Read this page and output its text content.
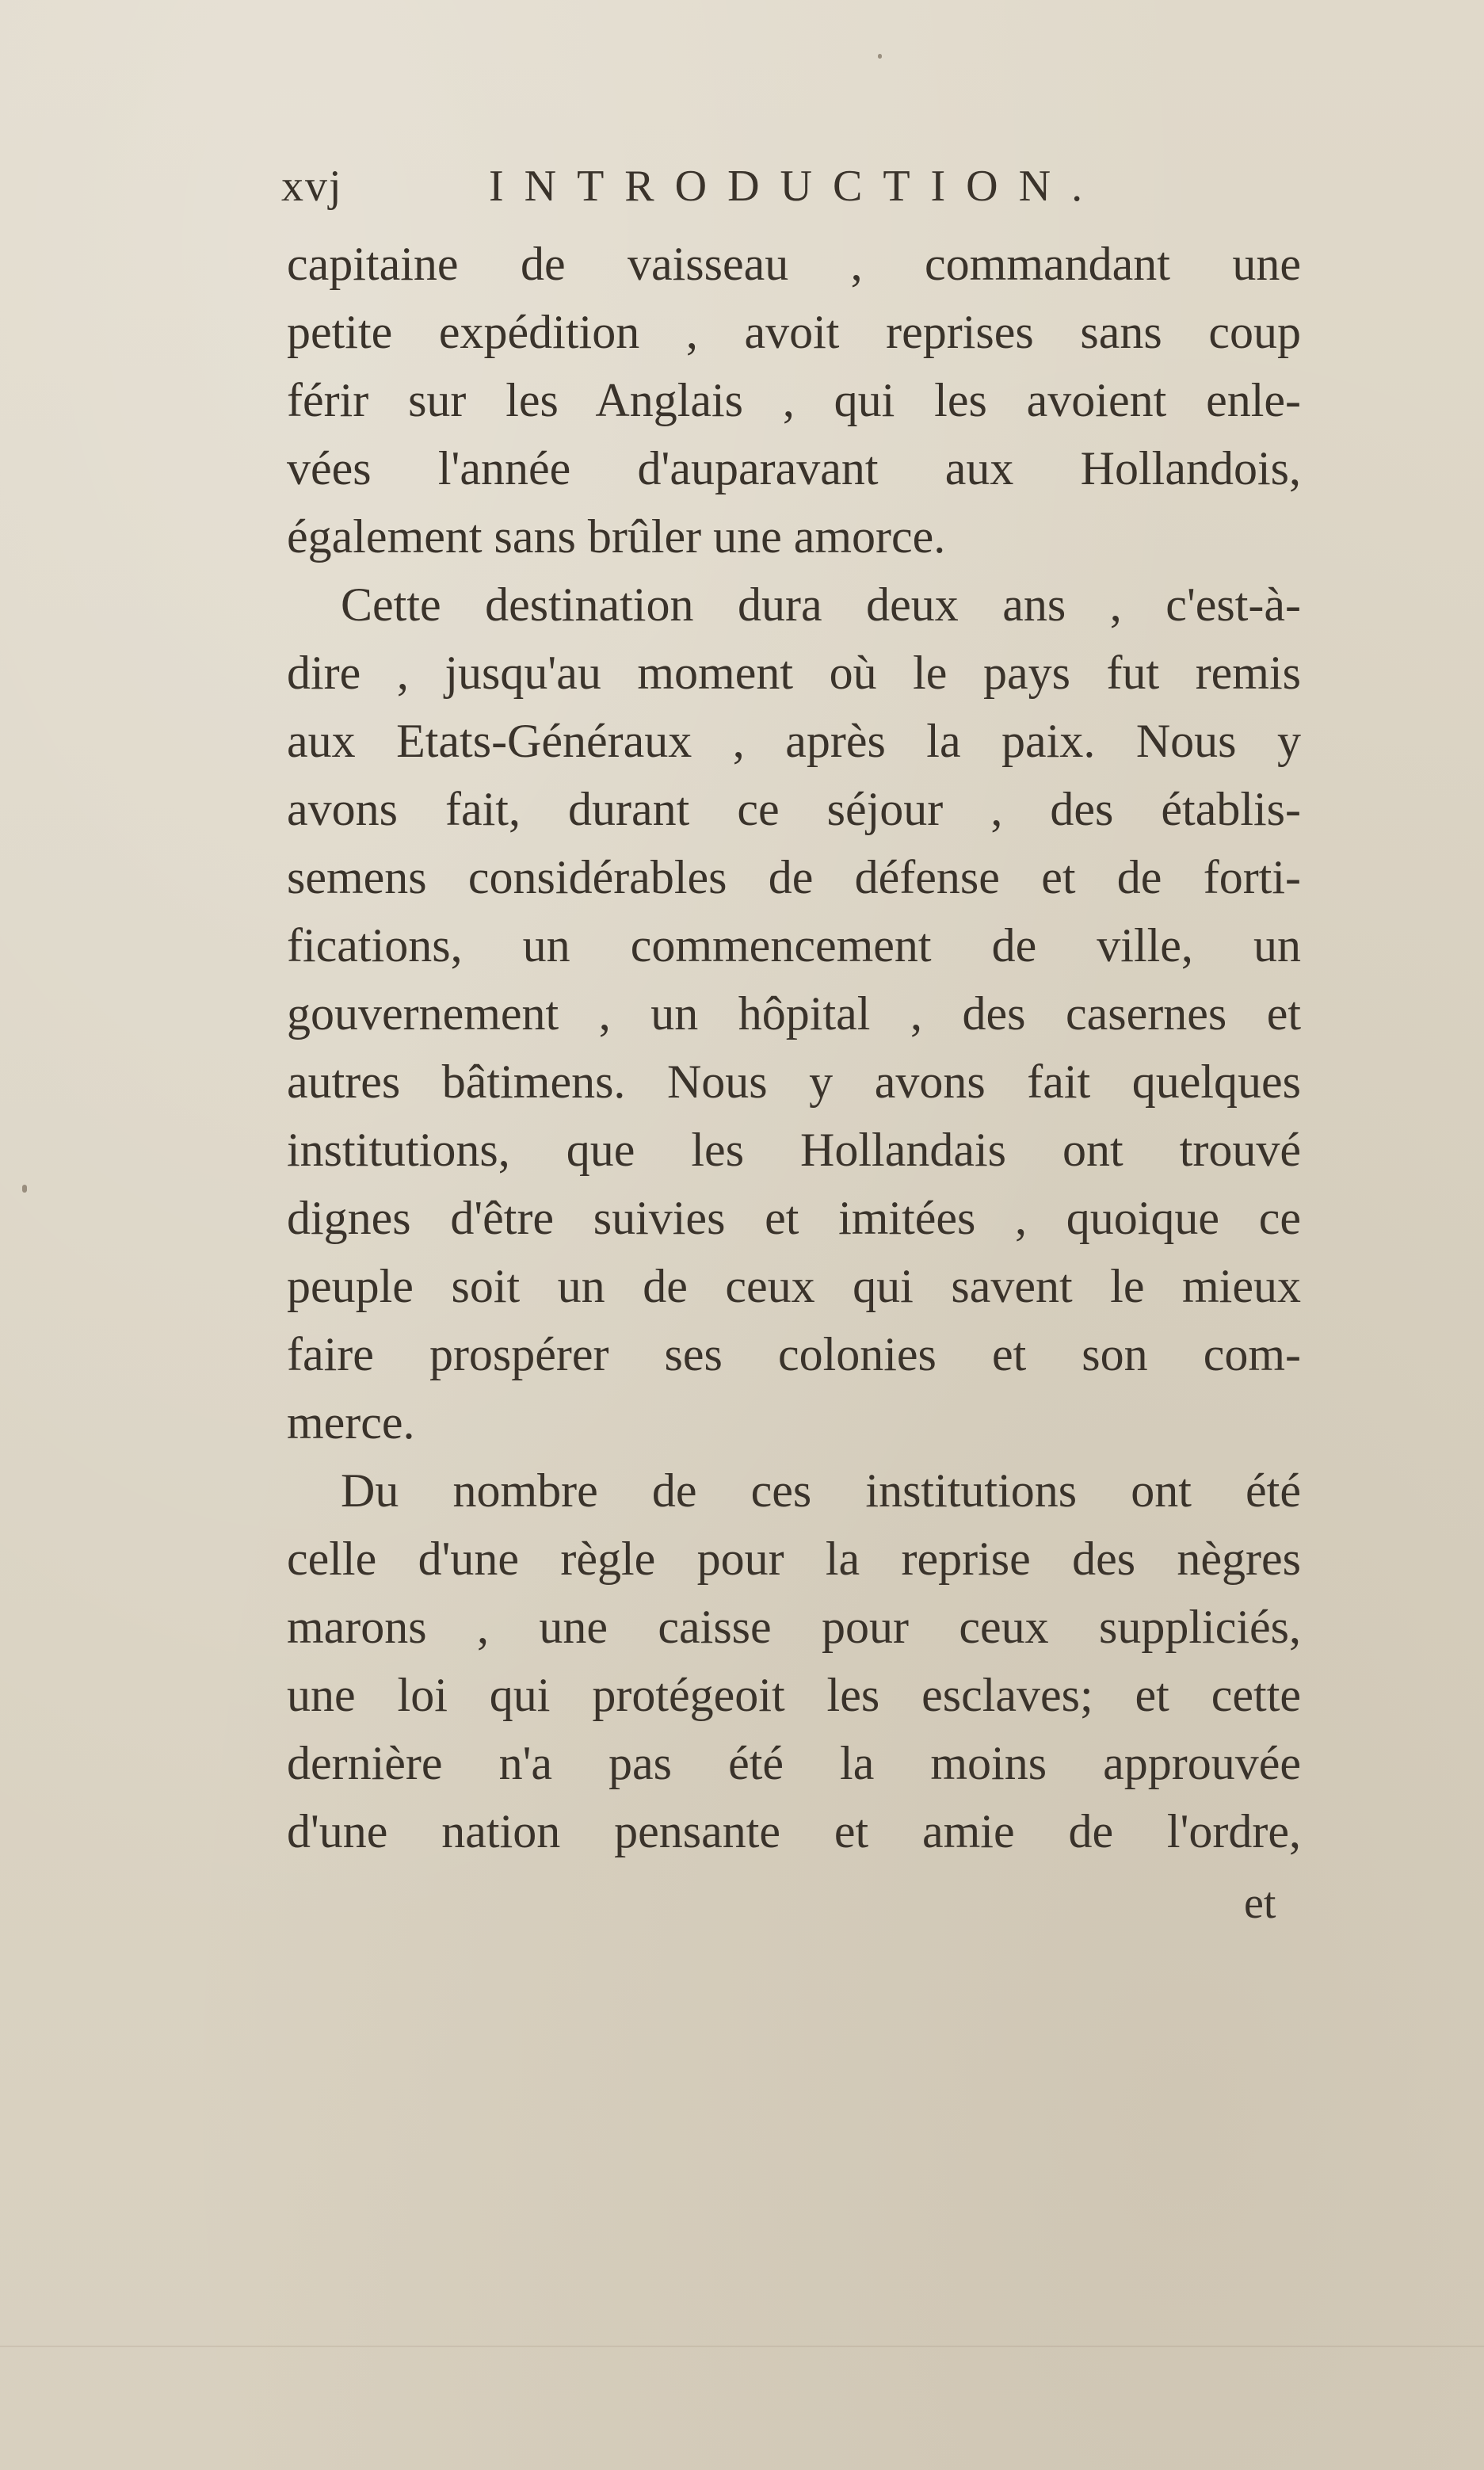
xvj	INTRODUCTION.
capitaine de vaisseau , commandant une
petite expédition , avoit reprises sans coup
férir sur les Anglais , qui les avoient enle-
vées l'année d'auparavant aux Hollandois,
également sans brûler une amorce.
Cette destination dura deux ans , c'est-à-
dire , jusqu'au moment où le pays fut remis
aux Etats-Généraux , après la paix. Nous y
avons fait, durant ce séjour , des établis-
semens considérables de défense et de forti-
fications, un commencement de ville, un
gouvernement , un hôpital , des casernes et
autres bâtimens. Nous y avons fait quelques
institutions, que les Hollandais ont trouvé
dignes d'être suivies et imitées , quoique ce
peuple soit un de ceux qui savent le mieux
faire prospérer ses colonies et son com-
merce.
Du nombre de ces institutions ont été
celle d'une règle pour la reprise des nègres
marons , une caisse pour ceux suppliciés,
une loi qui protégeoit les esclaves; et cette
dernière n'a pas été la moins approuvée
d'une nation pensante et amie de l'ordre,
et
